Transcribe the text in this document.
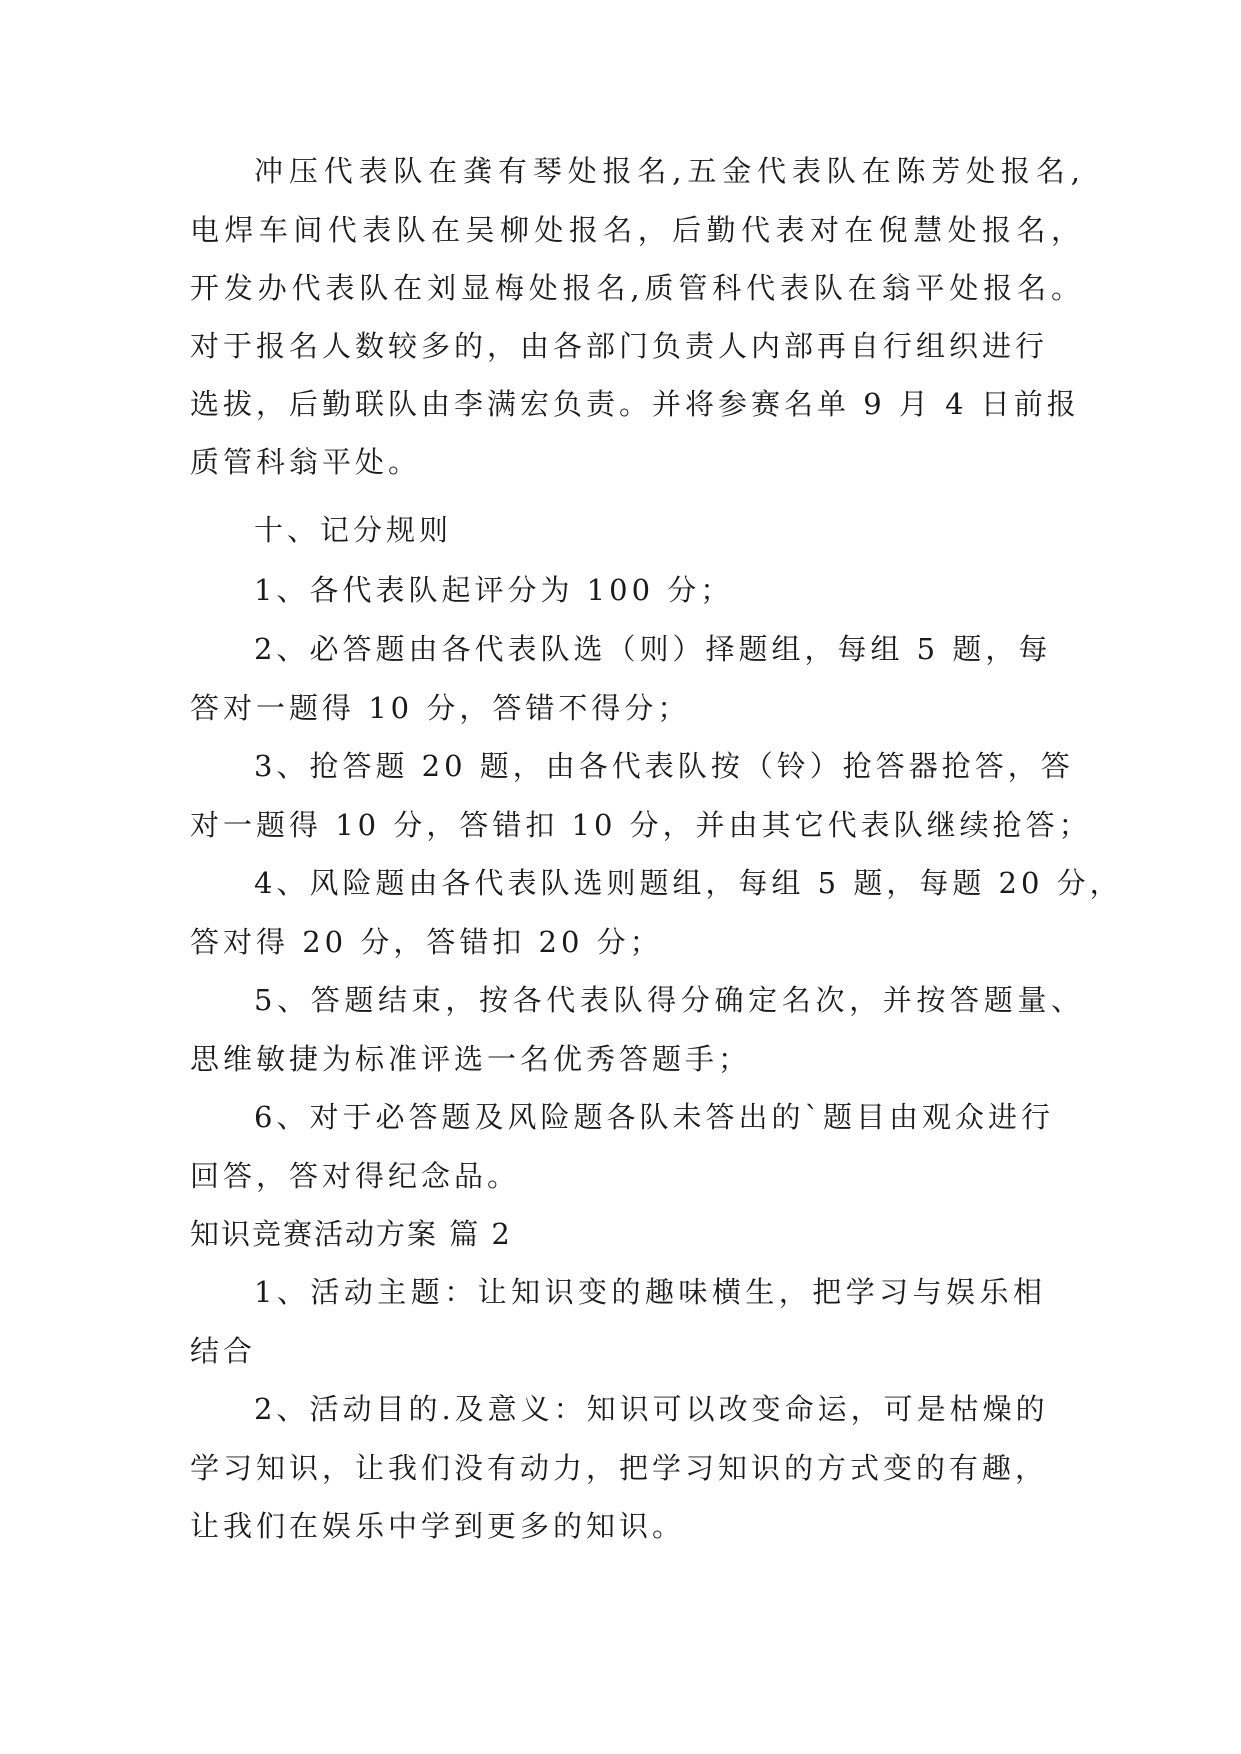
冲压代表队在龚有琴处报名,五金代表队在陈芳处报名,
电焊车间代表队在吴柳处报名，后勤代表对在倪慧处报名，
开发办代表队在刘显梅处报名,质管科代表队在翁平处报名。
对于报名人数较多的，由各部门负责人内部再自行组织进行
选拔，后勤联队由李满宏负责。并将参赛名单 9 月 4 日前报
质管科翁平处。
十、记分规则
1、各代表队起评分为 100 分；
2、必答题由各代表队选（则）择题组，每组 5 题，每
答对一题得 10 分，答错不得分；
3、抢答题 20 题，由各代表队按（铃）抢答器抢答，答
对一题得 10 分，答错扣 10 分，并由其它代表队继续抢答；
4、风险题由各代表队选则题组，每组 5 题，每题 20 分，
答对得 20 分，答错扣 20 分；
5、答题结束，按各代表队得分确定名次，并按答题量、
思维敏捷为标准评选一名优秀答题手；
6、对于必答题及风险题各队未答出的`题目由观众进行
回答，答对得纪念品。
知识竞赛活动方案 篇 2
1、活动主题：让知识变的趣味横生，把学习与娱乐相
结合
2、活动目的.及意义：知识可以改变命运，可是枯燥的
学习知识，让我们没有动力，把学习知识的方式变的有趣，
让我们在娱乐中学到更多的知识。
